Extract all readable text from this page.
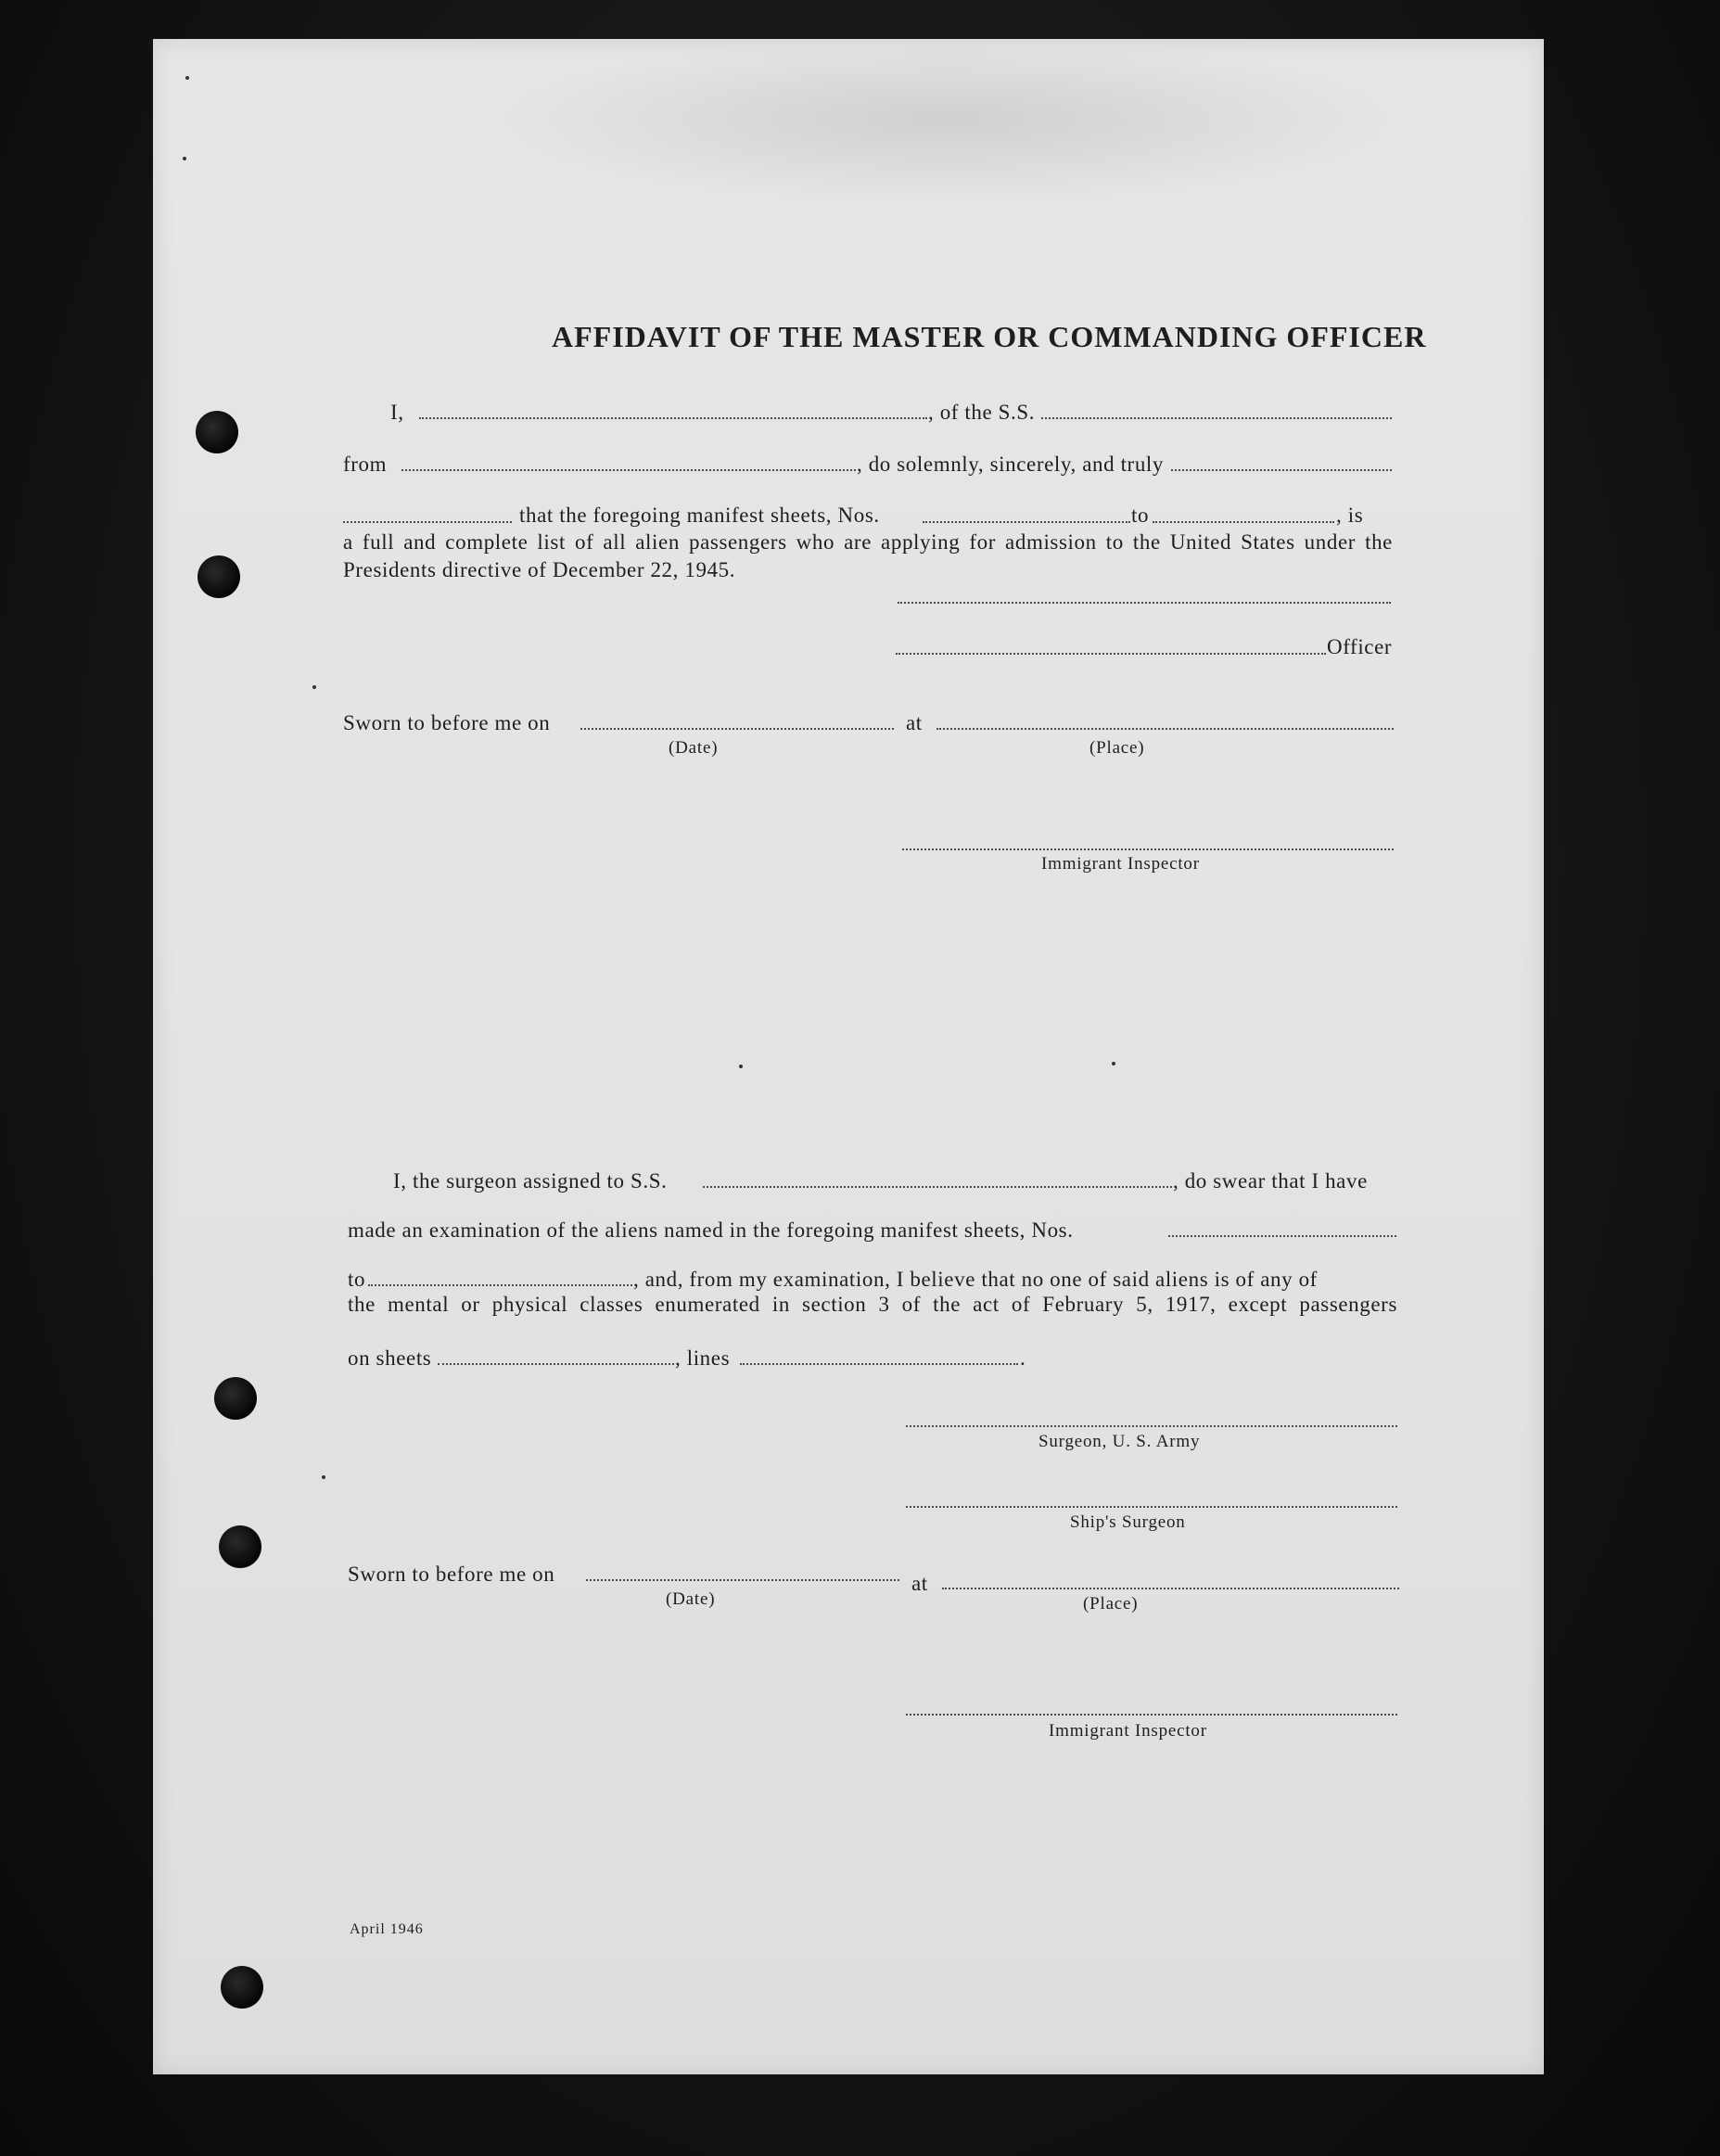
AFFIDAVIT OF THE MASTER OR COMMANDING OFFICER
I,	, of the S.S.
from	, do solemnly, sincerely, and truly
that the foregoing manifest sheets, Nos.	to	, is
a full and complete list of all alien passengers who are applying for admission to the United States under the Presidents directive of December 22, 1945.
Officer
Sworn to before me on	at
(Date)	(Place)
Immigrant Inspector
I, the surgeon assigned to S.S.	, do swear that I have
made an examination of the aliens named in the foregoing manifest sheets, Nos.
to	, and, from my examination, I believe that no one of said aliens is of any of
the mental or physical classes enumerated in section 3 of the act of February 5, 1917, except passengers
on sheets	, lines	.
Surgeon, U. S. Army
Ship's Surgeon
Sworn to before me on	at
(Date)	(Place)
Immigrant Inspector
April 1946
